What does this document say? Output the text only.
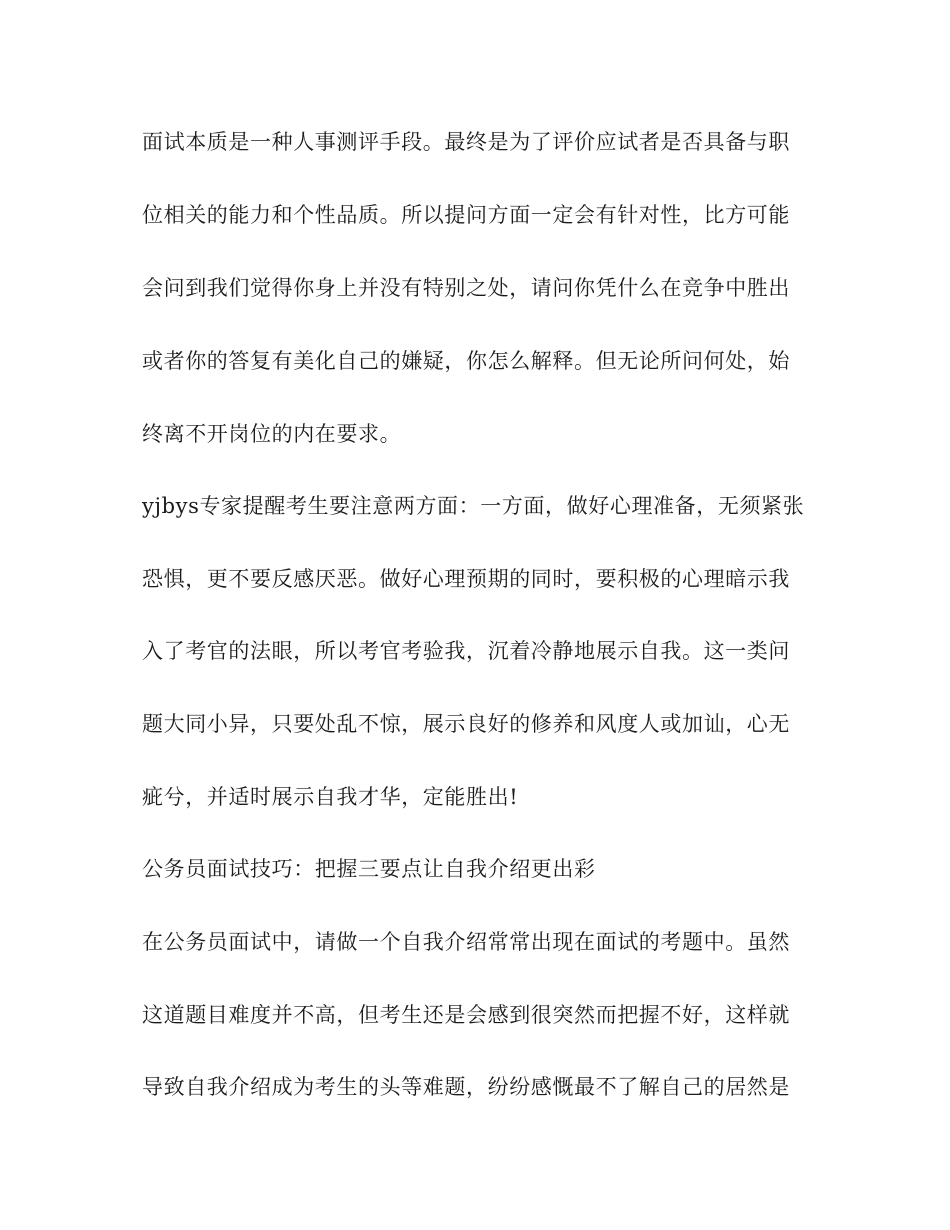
面试本质是一种人事测评手段。最终是为了评价应试者是否具备与职
位相关的能力和个性品质。所以提问方面一定会有针对性，比方可能
会问到我们觉得你身上并没有特别之处，请问你凭什么在竞争中胜出
或者你的答复有美化自己的嫌疑，你怎么解释。但无论所问何处，始
终离不开岗位的内在要求。
yjbys专家提醒考生要注意两方面：一方面，做好心理准备，无须紧张
恐惧，更不要反感厌恶。做好心理预期的同时，要积极的心理暗示我
入了考官的法眼，所以考官考验我，沉着冷静地展示自我。这一类问
题大同小异，只要处乱不惊，展示良好的修养和风度人或加讪，心无
疵兮，并适时展示自我才华，定能胜出!
公务员面试技巧：把握三要点让自我介绍更出彩
在公务员面试中，请做一个自我介绍常常出现在面试的考题中。虽然
这道题目难度并不高，但考生还是会感到很突然而把握不好，这样就
导致自我介绍成为考生的头等难题，纷纷感慨最不了解自己的居然是
